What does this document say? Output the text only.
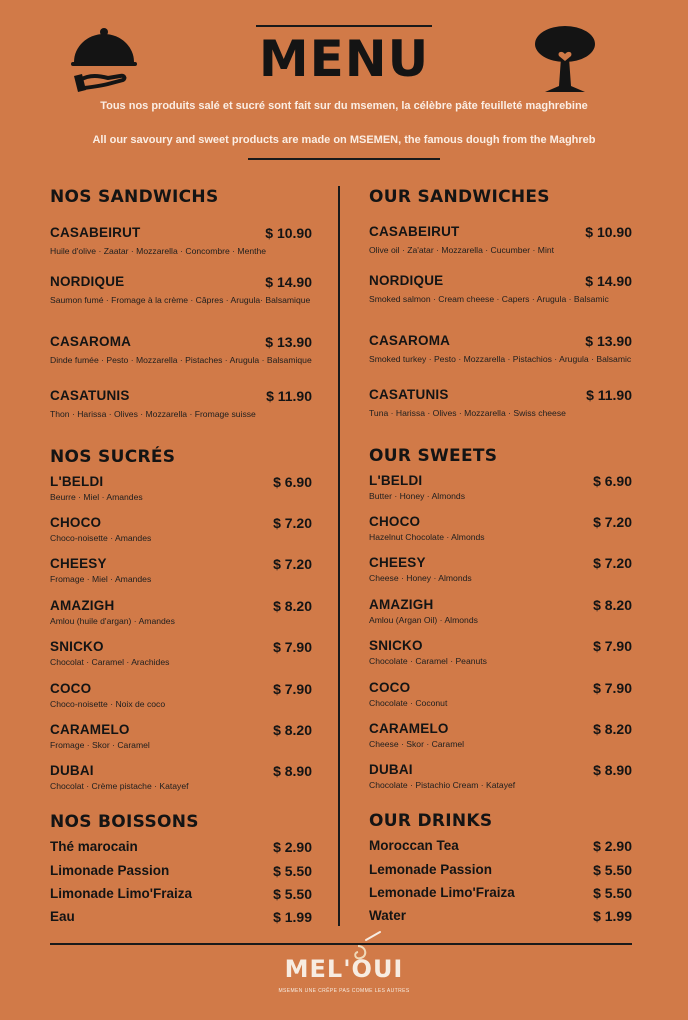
MENU
Tous nos produits salé et sucré sont fait sur du msemen, la célèbre pâte feuilleté maghrebine
All our savoury and sweet products are made on MSEMEN, the famous dough from the Maghreb
NOS SANDWICHS
CASABEIRUT	$ 10.90
Huile d'olive · Zaatar · Mozzarella · Concombre · Menthe
NORDIQUE	$ 14.90
Saumon fumé · Fromage à la crème · Câpres · Arugula· Balsamique
CASAROMA	$ 13.90
Dinde fumée · Pesto · Mozzarella · Pistaches · Arugula · Balsamique
CASATUNIS	$ 11.90
Thon · Harissa · Olives · Mozzarella · Fromage suisse
NOS SUCRÉS
L'BELDI	$ 6.90
Beurre · Miel · Amandes
CHOCO	$ 7.20
Choco-noisette · Amandes
CHEESY	$ 7.20
Fromage · Miel · Amandes
AMAZIGH	$ 8.20
Amlou (huile d'argan) · Amandes
SNICKO	$ 7.90
Chocolat · Caramel · Arachides
COCO	$ 7.90
Choco-noisette · Noix de coco
CARAMELO	$ 8.20
Fromage · Skor · Caramel
DUBAI	$ 8.90
Chocolat · Crème pistache · Katayef
NOS BOISSONS
Thé marocain	$ 2.90
Limonade Passion	$ 5.50
Limonade Limo'Fraiza	$ 5.50
Eau	$ 1.99
OUR SANDWICHES
CASABEIRUT	$ 10.90
Olive oil · Za'atar · Mozzarella · Cucumber · Mint
NORDIQUE	$ 14.90
Smoked salmon · Cream cheese · Capers · Arugula · Balsamic
CASAROMA	$ 13.90
Smoked turkey · Pesto · Mozzarella · Pistachios · Arugula · Balsamic
CASATUNIS	$ 11.90
Tuna · Harissa · Olives · Mozzarella · Swiss cheese
OUR SWEETS
L'BELDI	$ 6.90
Butter · Honey · Almonds
CHOCO	$ 7.20
Hazelnut Chocolate · Almonds
CHEESY	$ 7.20
Cheese · Honey · Almonds
AMAZIGH	$ 8.20
Amlou (Argan Oil) · Almonds
SNICKO	$ 7.90
Chocolate · Caramel · Peanuts
COCO	$ 7.90
Chocolate · Coconut
CARAMELO	$ 8.20
Cheese · Skor · Caramel
DUBAI	$ 8.90
Chocolate · Pistachio Cream · Katayef
OUR DRINKS
Moroccan Tea	$ 2.90
Lemonade Passion	$ 5.50
Lemonade Limo'Fraiza	$ 5.50
Water	$ 1.99
MEL'OUI
MSEMEN UNE CRÊPE PAS COMME LES AUTRES
